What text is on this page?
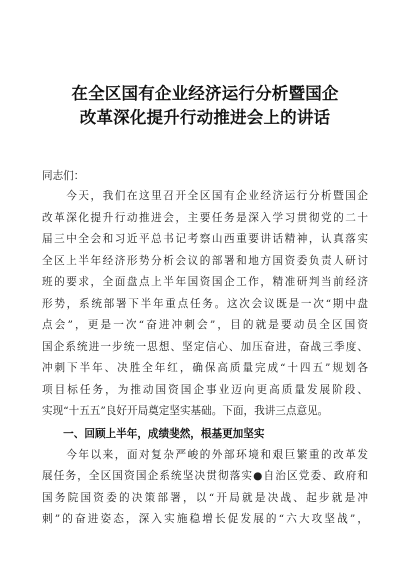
在全区国有企业经济运行分析暨国企
改革深化提升行动推进会上的讲话

同志们：

　　今天，我们在这里召开全区国有企业经济运行分析暨国企
改革深化提升行动推进会，主要任务是深入学习贯彻党的二十
届三中全会和习近平总书记考察山西重要讲话精神，认真落实
全区上半年经济形势分析会议的部署和地方国资委负责人研讨
班的要求，全面盘点上半年国资国企工作，精准研判当前经济
形势，系统部署下半年重点任务。这次会议既是一次“期中盘
点会”，更是一次“奋进冲刺会”，目的就是要动员全区国资
国企系统进一步统一思想、坚定信心、加压奋进，奋战三季度、
冲刺下半年、决胜全年红，确保高质量完成“十四五”规划各
项目标任务，为推动国资国企事业迈向更高质量发展阶段、
实现“十五五”良好开局奠定坚实基础。下面，我讲三点意见。

　　一、回顾上半年，成绩斐然，根基更加坚实

　　今年以来，面对复杂严峻的外部环境和艰巨繁重的改革发
展任务，全区国资国企系统坚决贯彻落实●自治区党委、政府和
国务院国资委的决策部署，以“开局就是决战、起步就是冲
刺”的奋进姿态，深入实施稳增长促发展的“六大攻坚战”，
